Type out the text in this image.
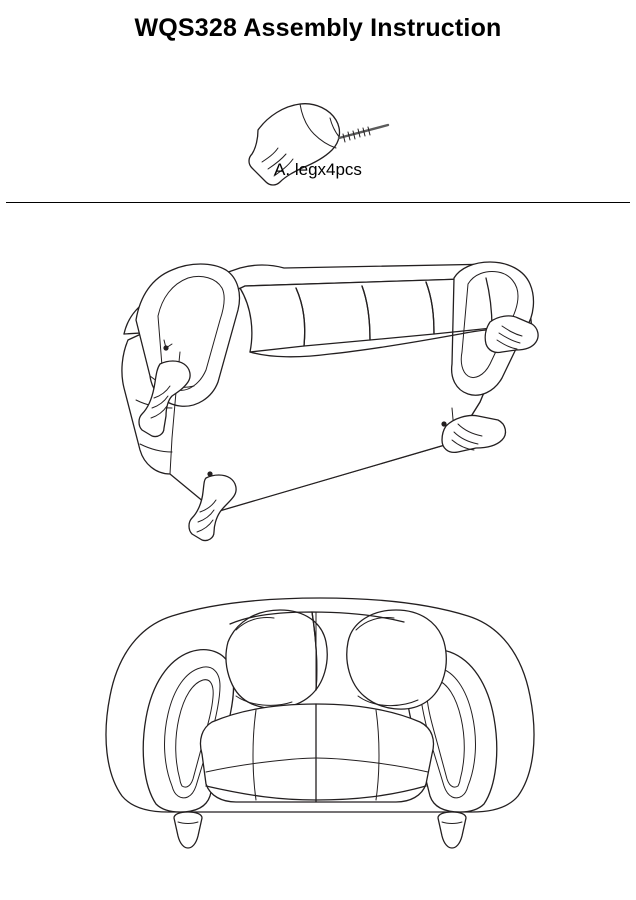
WQS328 Assembly Instruction
A. legx4pcs
